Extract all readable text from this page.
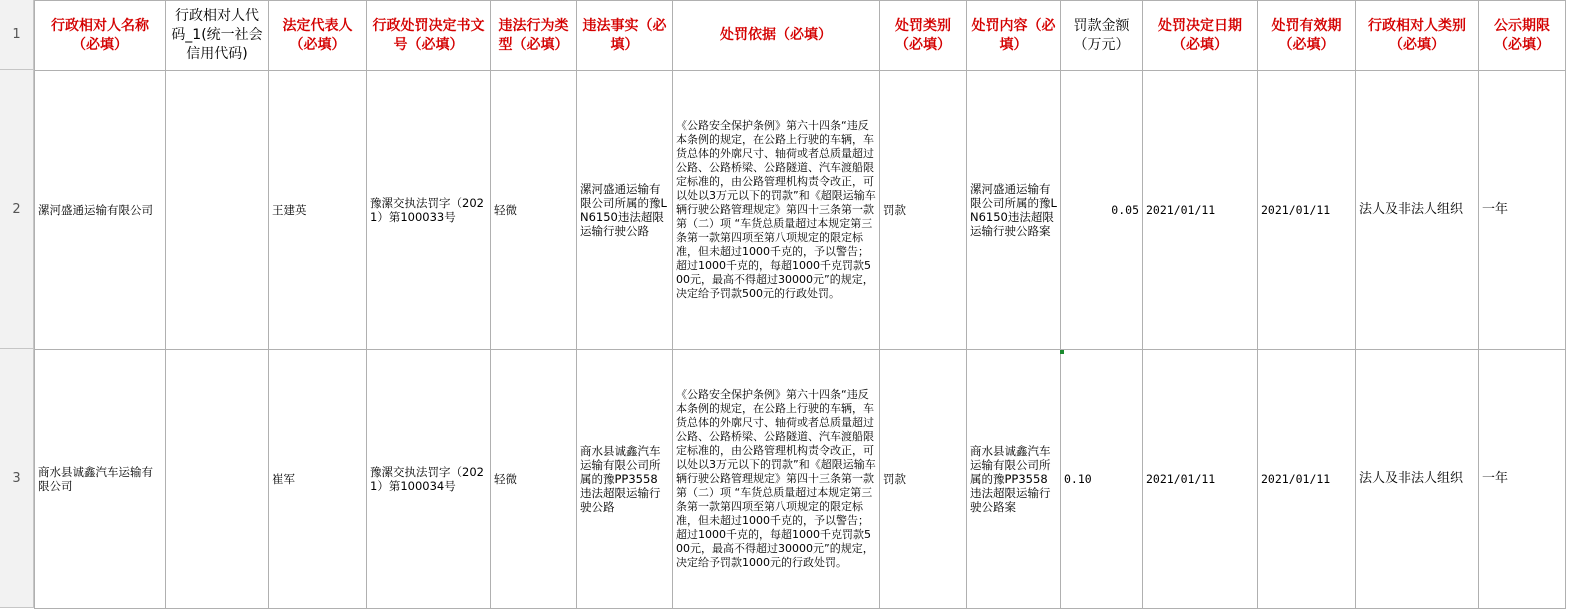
1
2
3
行政相对人名称（必填）	行政相对人代码_1(统一社会信用代码)	法定代表人（必填）	行政处罚决定书文号（必填）	违法行为类型（必填）	违法事实（必填）	处罚依据（必填）	处罚类别（必填）	处罚内容（必填）	罚款金额（万元）	处罚决定日期（必填）	处罚有效期（必填）	行政相对人类别（必填）	公示期限（必填）
漯河盛通运输有限公司		王建英	豫漯交执法罚字（2021）第100033号	轻微	漯河盛通运输有限公司所属的豫LN6150违法超限运输行驶公路	《公路安全保护条例》第六十四条“违反本条例的规定，在公路上行驶的车辆，车货总体的外廓尺寸、轴荷或者总质量超过公路、公路桥梁、公路隧道、汽车渡船限定标准的，由公路管理机构责令改正，可以处以3万元以下的罚款”和《超限运输车辆行驶公路管理规定》第四十三条第一款第（二）项 “车货总质量超过本规定第三条第一款第四项至第八项规定的限定标准，但未超过1000千克的，予以警告；超过1000千克的，每超1000千克罚款500元，最高不得超过30000元”的规定，决定给予罚款500元的行政处罚。	罚款	漯河盛通运输有限公司所属的豫LN6150违法超限运输行驶公路案	0.05	2021/01/11	2021/01/11	法人及非法人组织	一年
商水县诚鑫汽车运输有限公司		崔军	豫漯交执法罚字（2021）第100034号	轻微	商水县诚鑫汽车运输有限公司所属的豫PP3558违法超限运输行驶公路	《公路安全保护条例》第六十四条“违反本条例的规定，在公路上行驶的车辆，车货总体的外廓尺寸、轴荷或者总质量超过公路、公路桥梁、公路隧道、汽车渡船限定标准的，由公路管理机构责令改正，可以处以3万元以下的罚款”和《超限运输车辆行驶公路管理规定》第四十三条第一款第（二）项 “车货总质量超过本规定第三条第一款第四项至第八项规定的限定标准，但未超过1000千克的，予以警告；超过1000千克的，每超1000千克罚款500元，最高不得超过30000元”的规定，决定给予罚款1000元的行政处罚。	罚款	商水县诚鑫汽车运输有限公司所属的豫PP3558违法超限运输行驶公路案	0.10	2021/01/11	2021/01/11	法人及非法人组织	一年
